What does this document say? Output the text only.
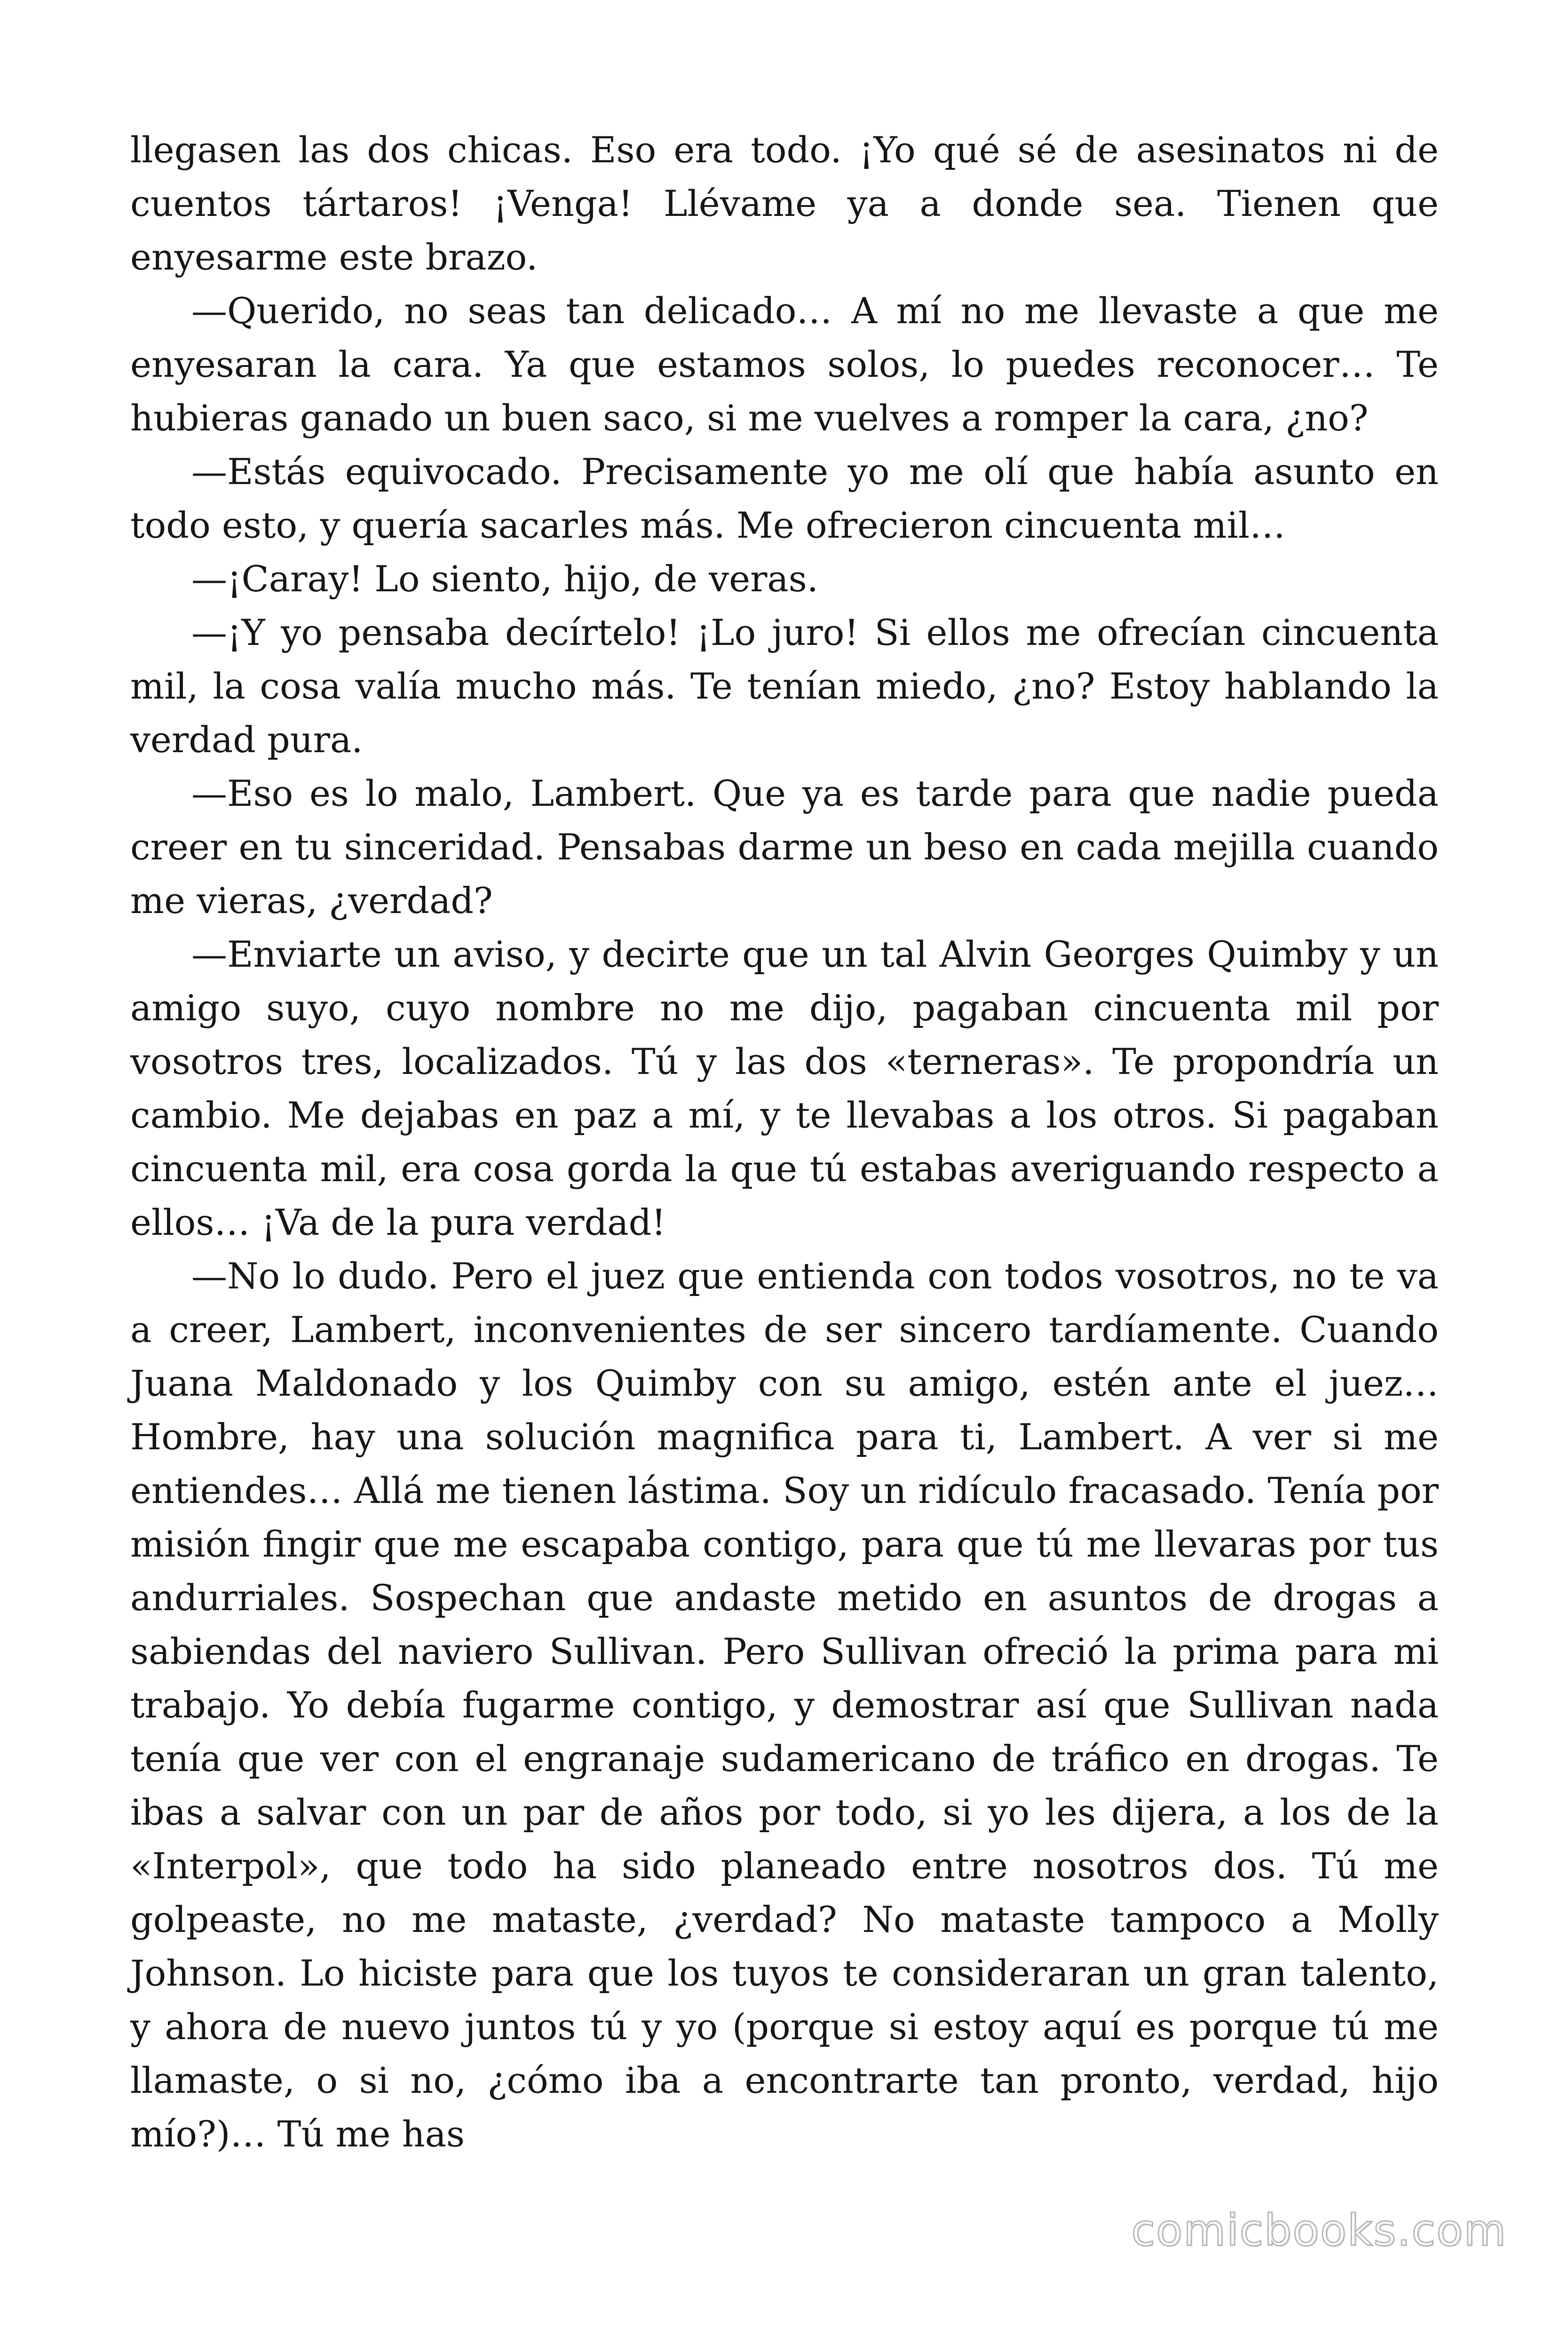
llegasen las dos chicas. Eso era todo. ¡Yo qué sé de asesinatos ni de cuentos tártaros! ¡Venga! Llévame ya a donde sea. Tienen que enyesarme este brazo.

—Querido, no seas tan delicado… A mí no me llevaste a que me enyesaran la cara. Ya que estamos solos, lo puedes reconocer… Te hubieras ganado un buen saco, si me vuelves a romper la cara, ¿no?

—Estás equivocado. Precisamente yo me olí que había asunto en todo esto, y quería sacarles más. Me ofrecieron cincuenta mil…

—¡Caray! Lo siento, hijo, de veras.

—¡Y yo pensaba decírtelo! ¡Lo juro! Si ellos me ofrecían cincuenta mil, la cosa valía mucho más. Te tenían miedo, ¿no? Estoy hablando la verdad pura.

—Eso es lo malo, Lambert. Que ya es tarde para que nadie pueda creer en tu sinceridad. Pensabas darme un beso en cada mejilla cuando me vieras, ¿verdad?

—Enviarte un aviso, y decirte que un tal Alvin Georges Quimby y un amigo suyo, cuyo nombre no me dijo, pagaban cincuenta mil por vosotros tres, localizados. Tú y las dos «terneras». Te propondría un cambio. Me dejabas en paz a mí, y te llevabas a los otros. Si pagaban cincuenta mil, era cosa gorda la que tú estabas averiguando respecto a ellos… ¡Va de la pura verdad!

—No lo dudo. Pero el juez que entienda con todos vosotros, no te va a creer, Lambert, inconvenientes de ser sincero tardíamente. Cuando Juana Maldonado y los Quimby con su amigo, estén ante el juez… Hombre, hay una solución magnifica para ti, Lambert. A ver si me entiendes… Allá me tienen lástima. Soy un ridículo fracasado. Tenía por misión fingir que me escapaba contigo, para que tú me llevaras por tus andurriales. Sospechan que andaste metido en asuntos de drogas a sabiendas del naviero Sullivan. Pero Sullivan ofreció la prima para mi trabajo. Yo debía fugarme contigo, y demostrar así que Sullivan nada tenía que ver con el engranaje sudamericano de tráfico en drogas. Te ibas a salvar con un par de años por todo, si yo les dijera, a los de la «Interpol», que todo ha sido planeado entre nosotros dos. Tú me golpeaste, no me mataste, ¿verdad? No mataste tampoco a Molly Johnson. Lo hiciste para que los tuyos te consideraran un gran talento, y ahora de nuevo juntos tú y yo (porque si estoy aquí es porque tú me llamaste, o si no, ¿cómo iba a encontrarte tan pronto, verdad, hijo mío?)… Tú me has

comicbooks.com
